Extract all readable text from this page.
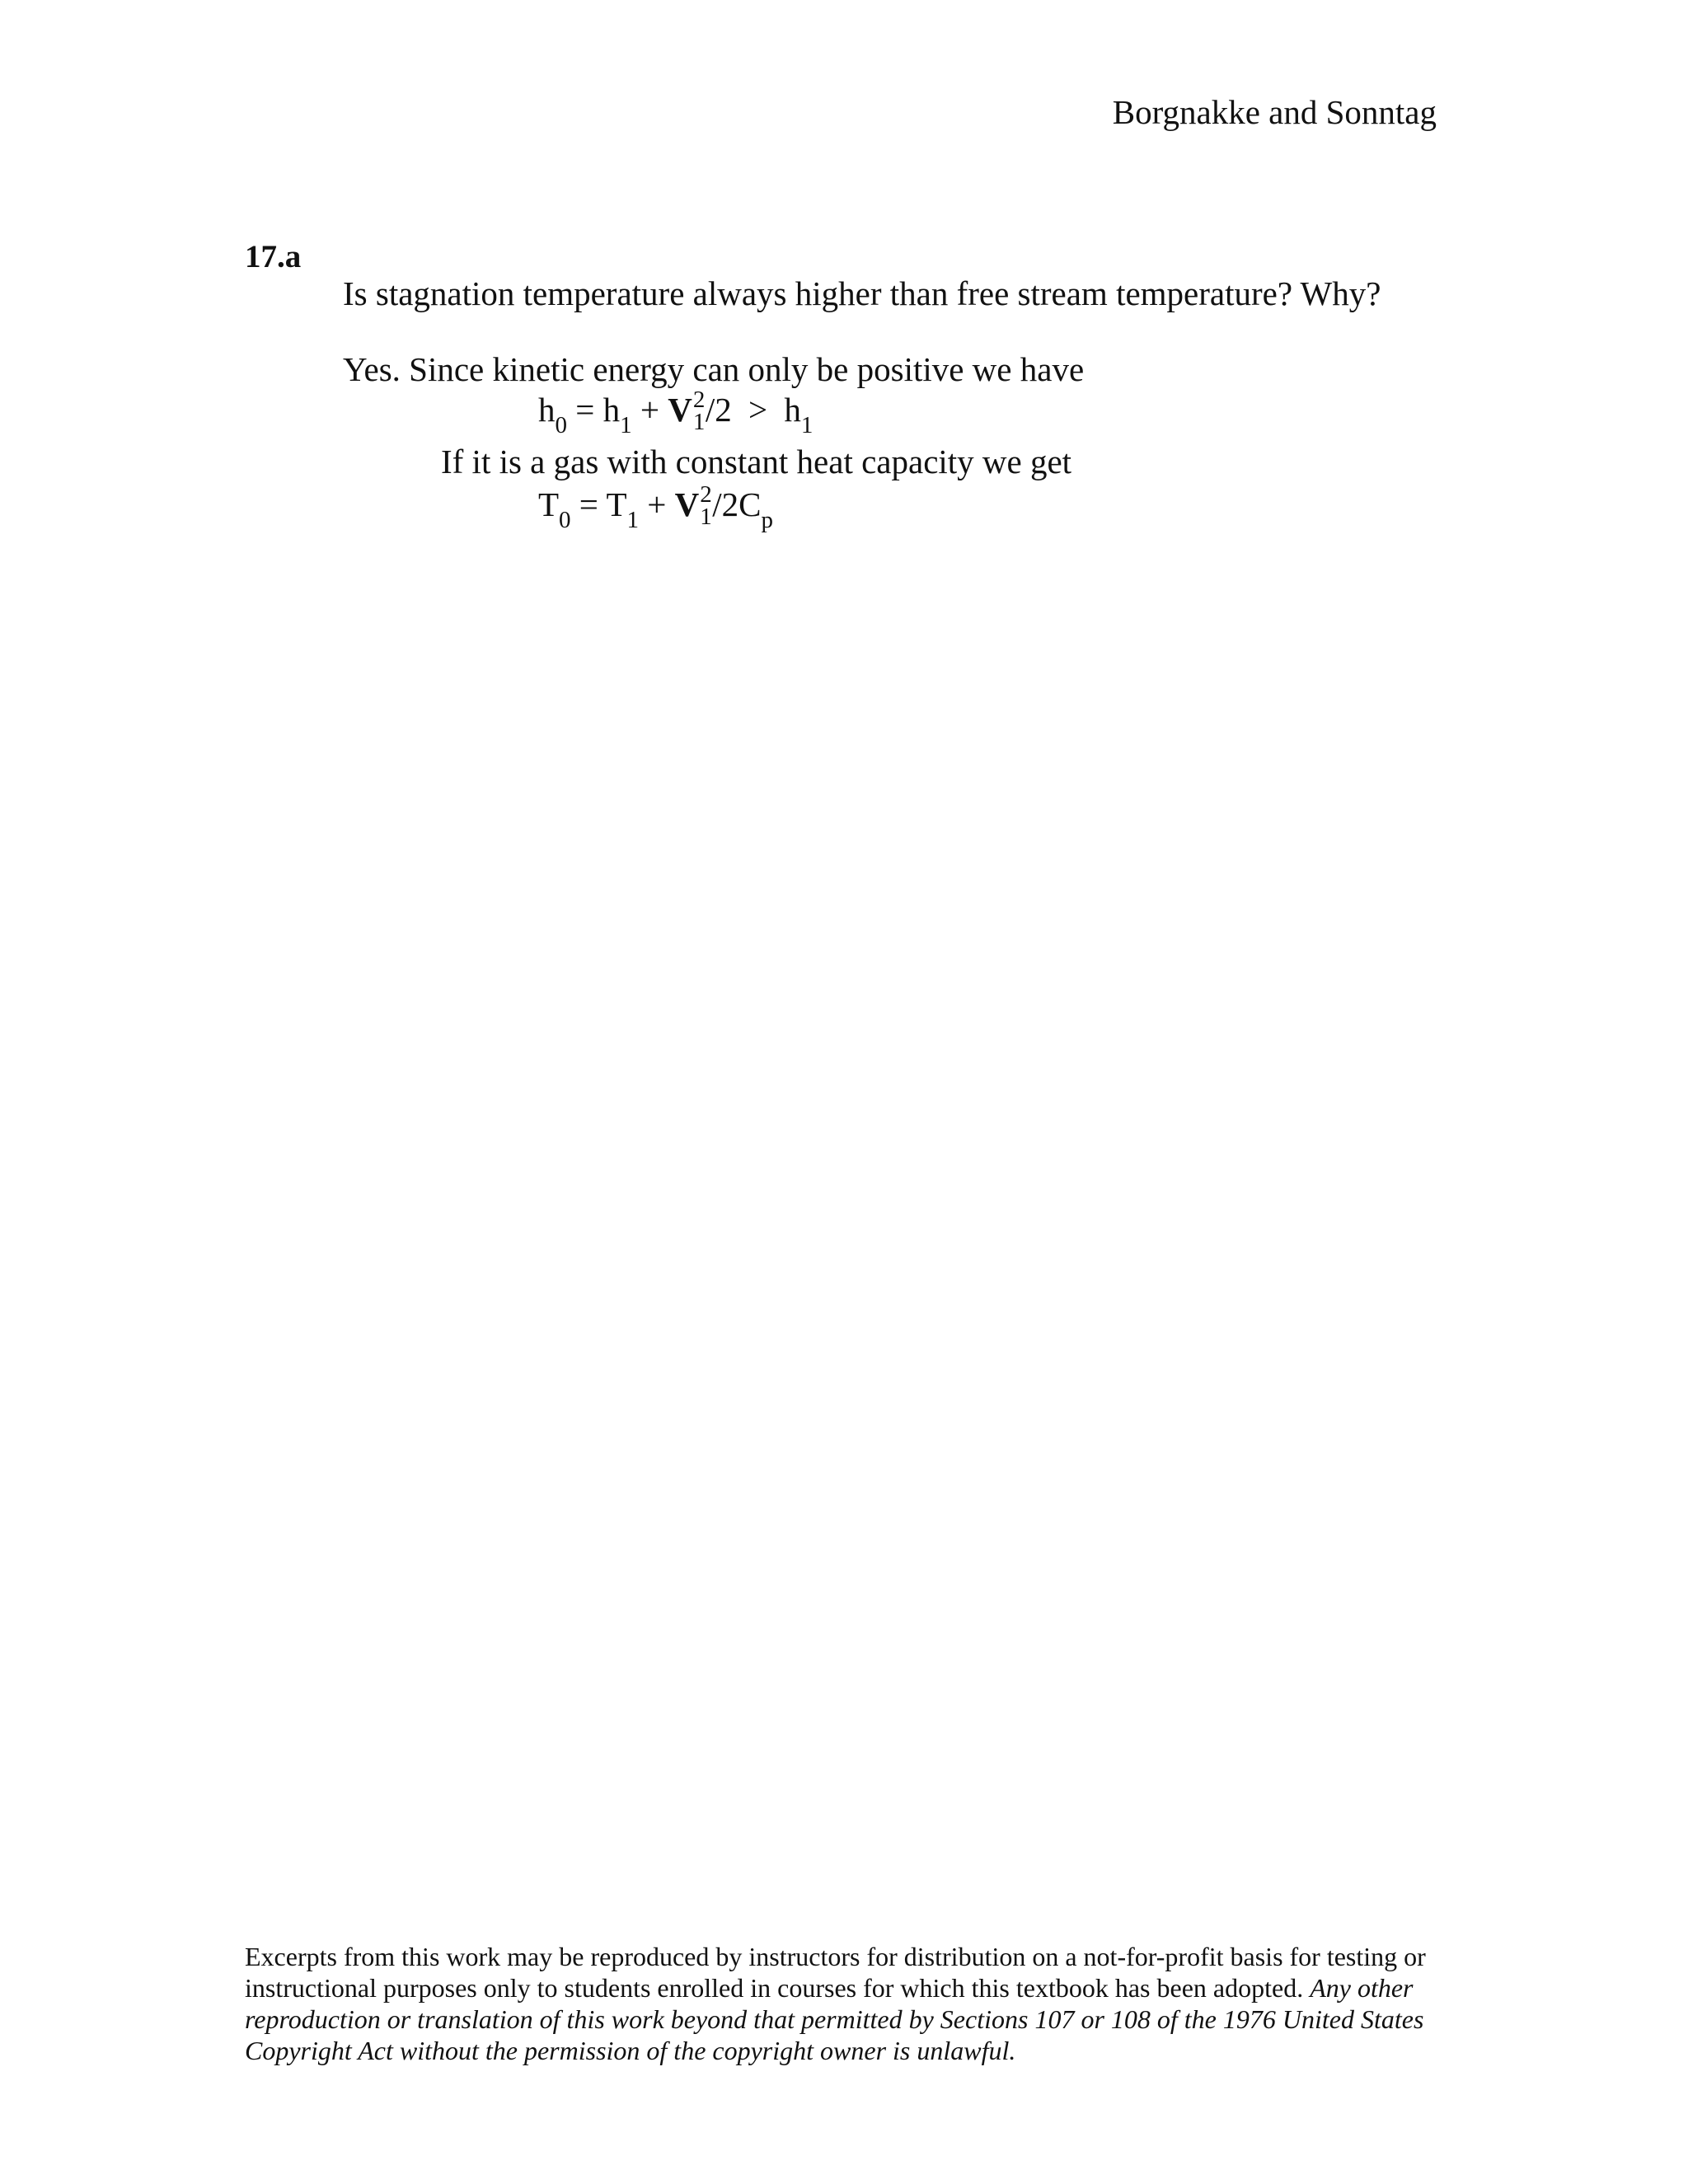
Borgnakke and Sonntag
17.a
Is stagnation temperature always higher than free stream temperature? Why?
Yes. Since kinetic energy can only be positive we have
$h_0 = h_1 + V$ 2
1 $/2 > h_1$
If it is a gas with constant heat capacity we get
$T_0 = T_1 + V$ 2
1 $/2C_p$
Excerpts from this work may be reproduced by instructors for distribution on a not-for-profit basis for testing or instructional purposes only to students enrolled in courses for which this textbook has been adopted. Any other reproduction or translation of this work beyond that permitted by Sections 107 or 108 of the 1976 United States Copyright Act without the permission of the copyright owner is unlawful.
